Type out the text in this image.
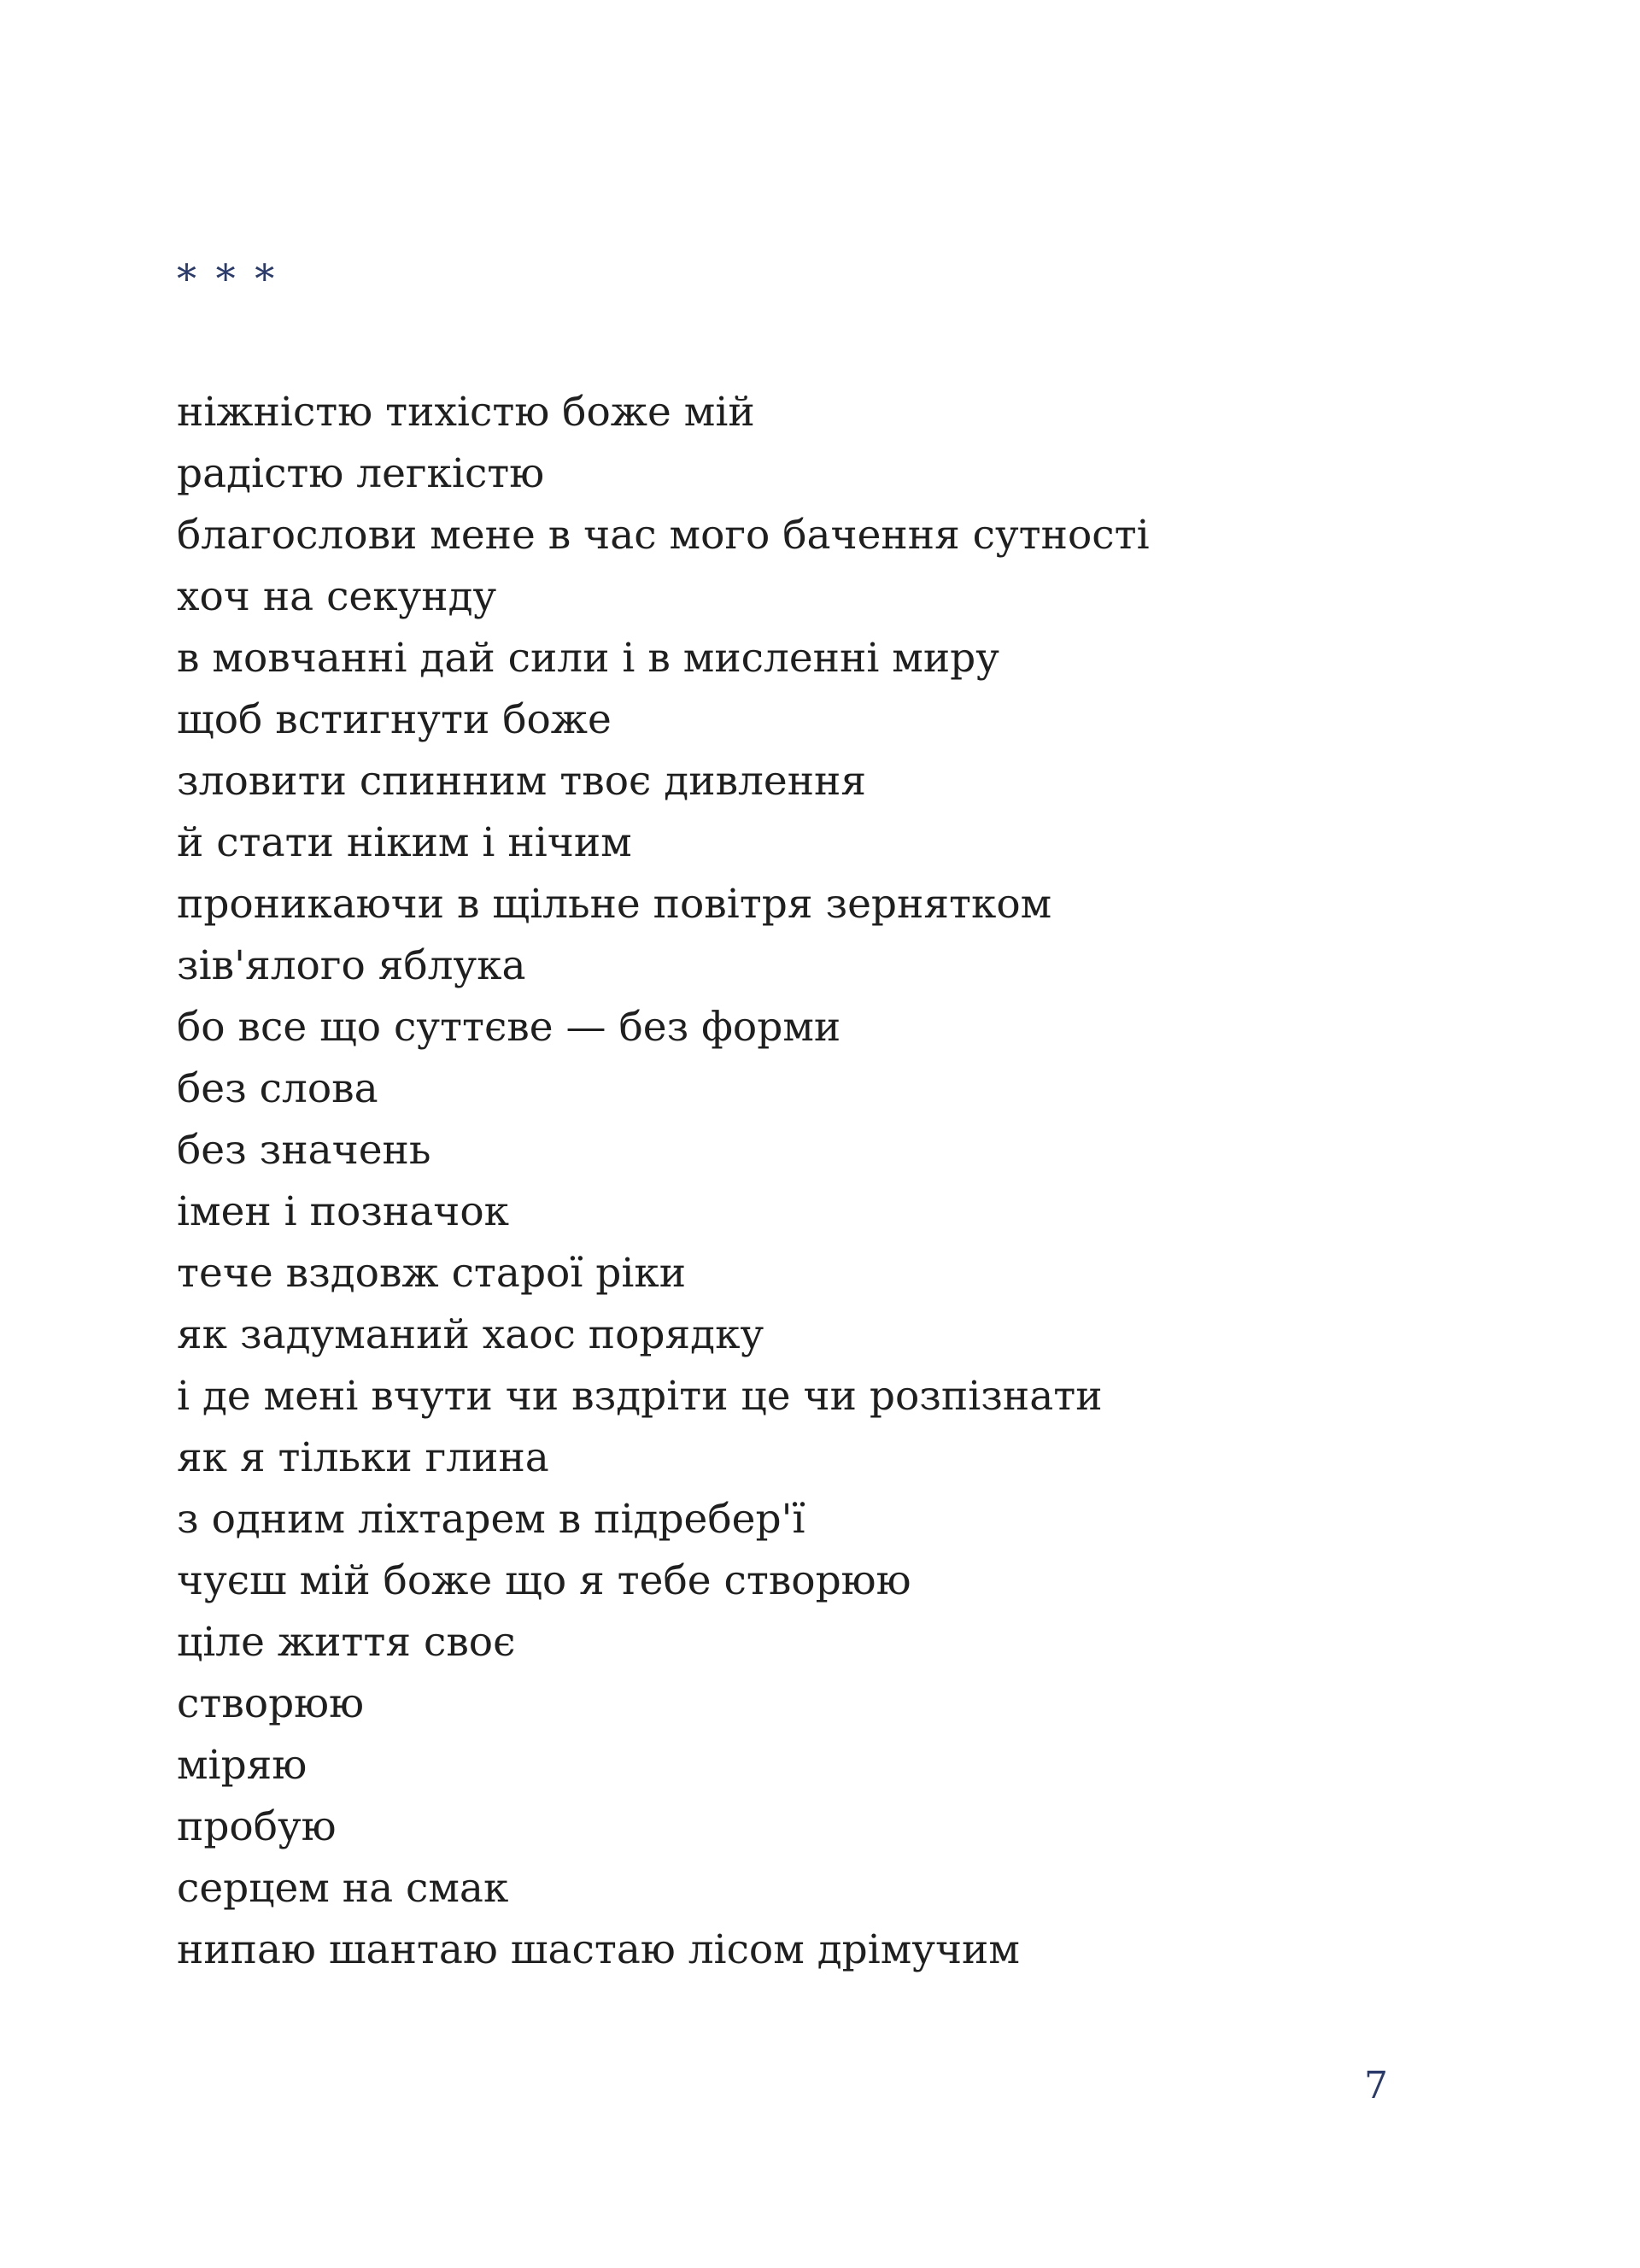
* * *
ніжністю тихістю боже мій
радістю легкістю
благослови мене в час мого бачення сутності
хоч на секунду
в мовчанні дай сили і в мисленні миру
щоб встигнути боже
зловити спинним твоє дивлення
й стати ніким і нічим
проникаючи в щільне повітря зернятком
зів'ялого яблука
бо все що суттєве — без форми
без слова
без значень
імен і позначок
тече вздовж старої ріки
як задуманий хаос порядку
і де мені вчути чи вздріти це чи розпізнати
як я тільки глина
з одним ліхтарем в підребер'ї
чуєш мій боже що я тебе створюю
ціле життя своє
створюю
міряю
пробую
серцем на смак
нипаю шантаю шастаю лісом дрімучим
7
